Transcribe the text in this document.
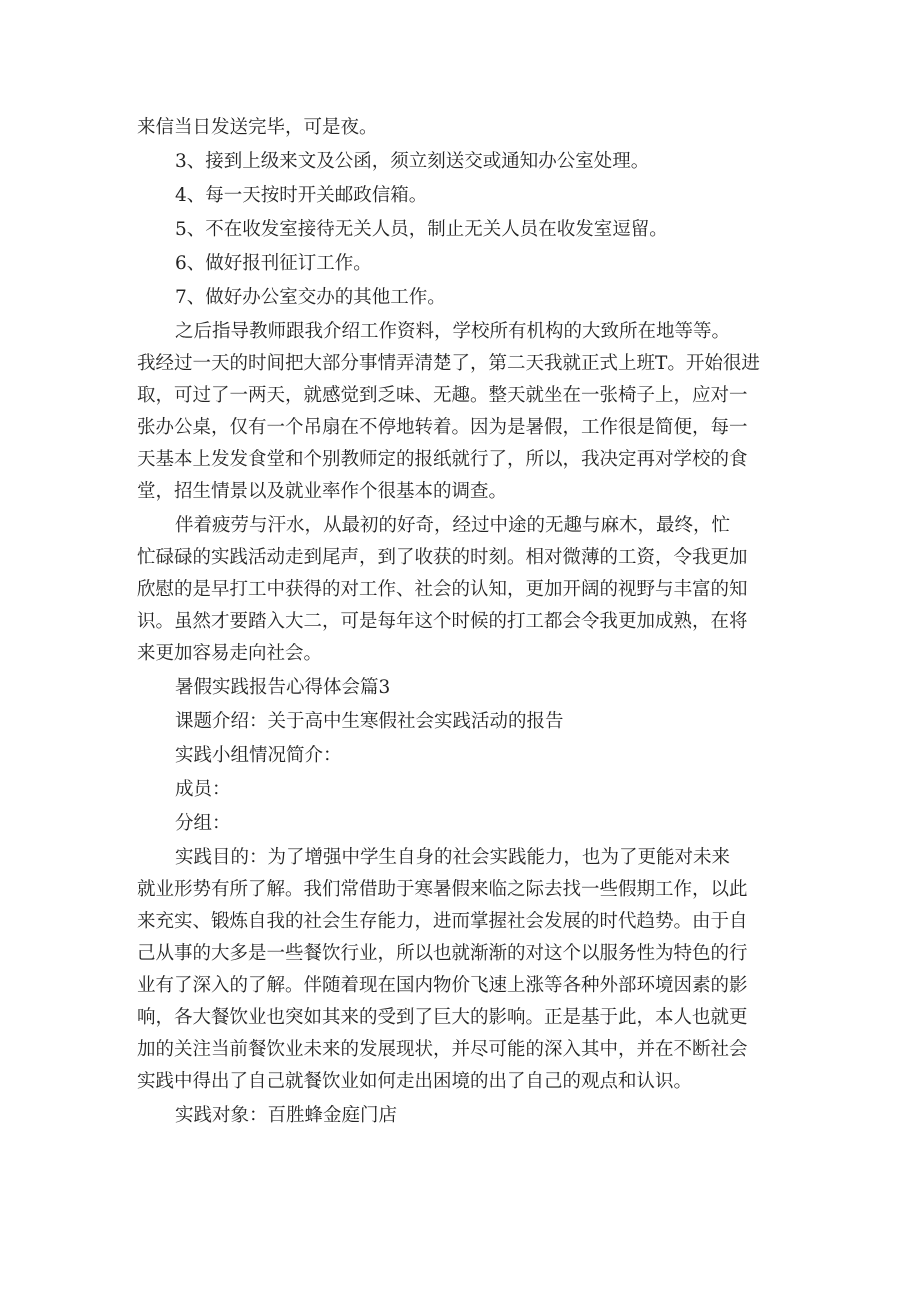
来信当日发送完毕，可是夜。
3、接到上级来文及公函，须立刻送交或通知办公室处理。
4、每一天按时开关邮政信箱。
5、不在收发室接待无关人员，制止无关人员在收发室逗留。
6、做好报刊征订工作。
7、做好办公室交办的其他工作。
之后指导教师跟我介绍工作资料，学校所有机构的大致所在地等等。
我经过一天的时间把大部分事情弄清楚了，第二天我就正式上班T。开始很进
取，可过了一两天，就感觉到乏味、无趣。整天就坐在一张椅子上，应对一
张办公桌，仅有一个吊扇在不停地转着。因为是暑假，工作很是简便，每一
天基本上发发食堂和个别教师定的报纸就行了，所以，我决定再对学校的食
堂，招生情景以及就业率作个很基本的调查。
伴着疲劳与汗水，从最初的好奇，经过中途的无趣与麻木，最终，忙
忙碌碌的实践活动走到尾声，到了收获的时刻。相对微薄的工资，令我更加
欣慰的是早打工中获得的对工作、社会的认知，更加开阔的视野与丰富的知
识。虽然才要踏入大二，可是每年这个时候的打工都会令我更加成熟，在将
来更加容易走向社会。
暑假实践报告心得体会篇3
课题介绍：关于高中生寒假社会实践活动的报告
实践小组情况简介：
成员：
分组：
实践目的：为了增强中学生自身的社会实践能力，也为了更能对未来
就业形势有所了解。我们常借助于寒暑假来临之际去找一些假期工作，以此
来充实、锻炼自我的社会生存能力，进而掌握社会发展的时代趋势。由于自
己从事的大多是一些餐饮行业，所以也就渐渐的对这个以服务性为特色的行
业有了深入的了解。伴随着现在国内物价飞速上涨等各种外部环境因素的影
响，各大餐饮业也突如其来的受到了巨大的影响。正是基于此，本人也就更
加的关注当前餐饮业未来的发展现状，并尽可能的深入其中，并在不断社会
实践中得出了自己就餐饮业如何走出困境的出了自己的观点和认识。
实践对象：百胜蜂金庭门店
